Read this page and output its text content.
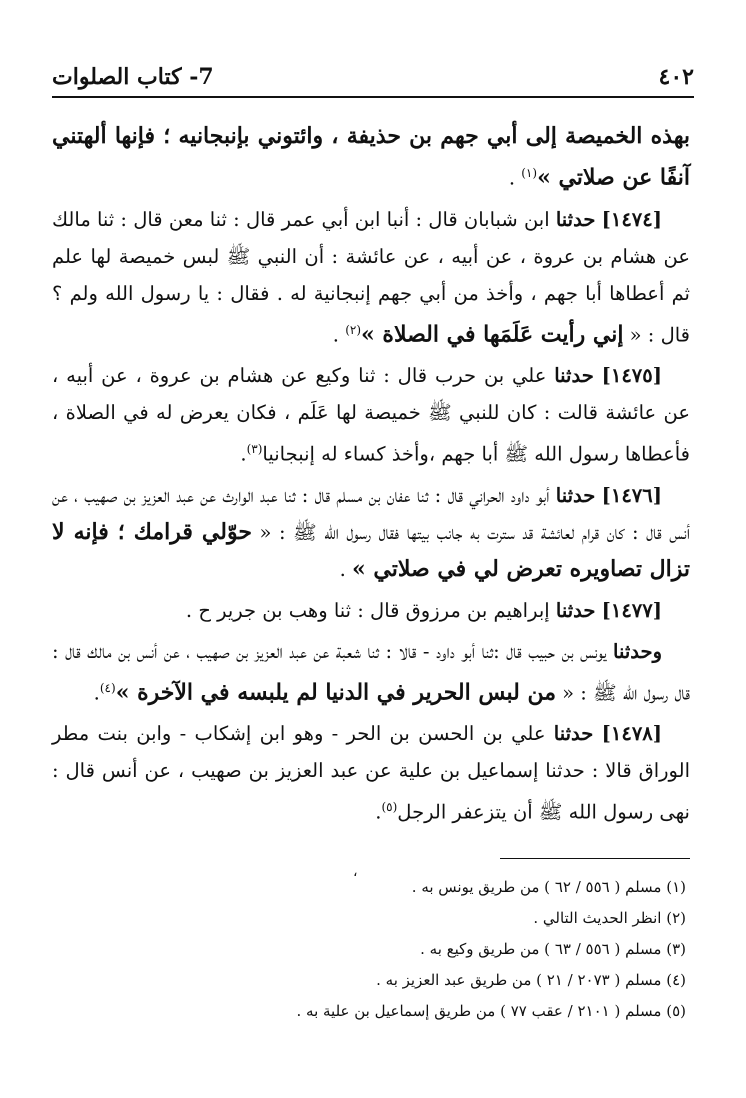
7- كتاب الصلوات	٤٠٢

بهذه الخميصة إلى أبي جهم بن حذيفة ، وائتوني بإنبجانيه ؛ فإنها ألهتني آنفًا عن صلاتي »$^{(١)}$ .

[١٤٧٤] حدثنا ابن شبابان قال : أنبا ابن أبي عمر قال : ثنا معن قال : ثنا مالك عن هشام بن عروة ، عن أبيه ، عن عائشة : أن النبي ﷺ لبس خميصة لها علم ثم أعطاها أبا جهم ، وأخذ من أبي جهم إنبجانية له . فقال : يا رسول الله ولم ؟ قال : « إني رأيت عَلَمَها في الصلاة »$^{(٢)}$ .

[١٤٧٥] حدثنا علي بن حرب قال : ثنا وكيع عن هشام بن عروة ، عن أبيه ، عن عائشة قالت : كان للنبي ﷺ خميصة لها عَلَم ، فكان يعرض له في الصلاة ، فأعطاها رسول الله ﷺ أبا جهم ،وأخذ كساء له إنبجانيا$^{(٣)}$.

[١٤٧٦] حدثنا أبو داود الحراني قال : ثنا عفان بن مسلم قال : ثنا عبد الوارث عن عبد العزيز بن صهيب ، عن أنس قال : كان قرام لعائشة قد سترت به جانب بيتها فقال رسول الله ﷺ : « حوّلي قرامك ؛ فإنه لا تزال تصاويره تعرض لي في صلاتي » .

[١٤٧٧] حدثنا إبراهيم بن مرزوق قال : ثنا وهب بن جرير ح .

وحدثنا يونس بن حبيب قال :ثنا أبو داود - قالا : ثنا شعبة عن عبد العزيز بن صهيب ، عن أنس بن مالك قال : قال رسول الله ﷺ : « من لبس الحرير في الدنيا لم يلبسه في الآخرة »$^{(٤)}$.

[١٤٧٨] حدثنا علي بن الحسن بن الحر - وهو ابن إشكاب - وابن بنت مطر الوراق قالا : حدثنا إسماعيل بن علية عن عبد العزيز بن صهيب ، عن أنس قال : نهى رسول الله ﷺ أن يتزعفر الرجل$^{(٥)}$.

،
(١) مسلم ( ٥٥٦ / ٦٢ ) من طريق يونس به .
(٢) انظر الحديث التالي .
(٣) مسلم ( ٥٥٦ / ٦٣ ) من طريق وكيع به .
(٤) مسلم ( ٢٠٧٣ / ٢١ ) من طريق عبد العزيز به .
(٥) مسلم ( ٢١٠١ / عقب ٧٧ ) من طريق إسماعيل بن علية به .
